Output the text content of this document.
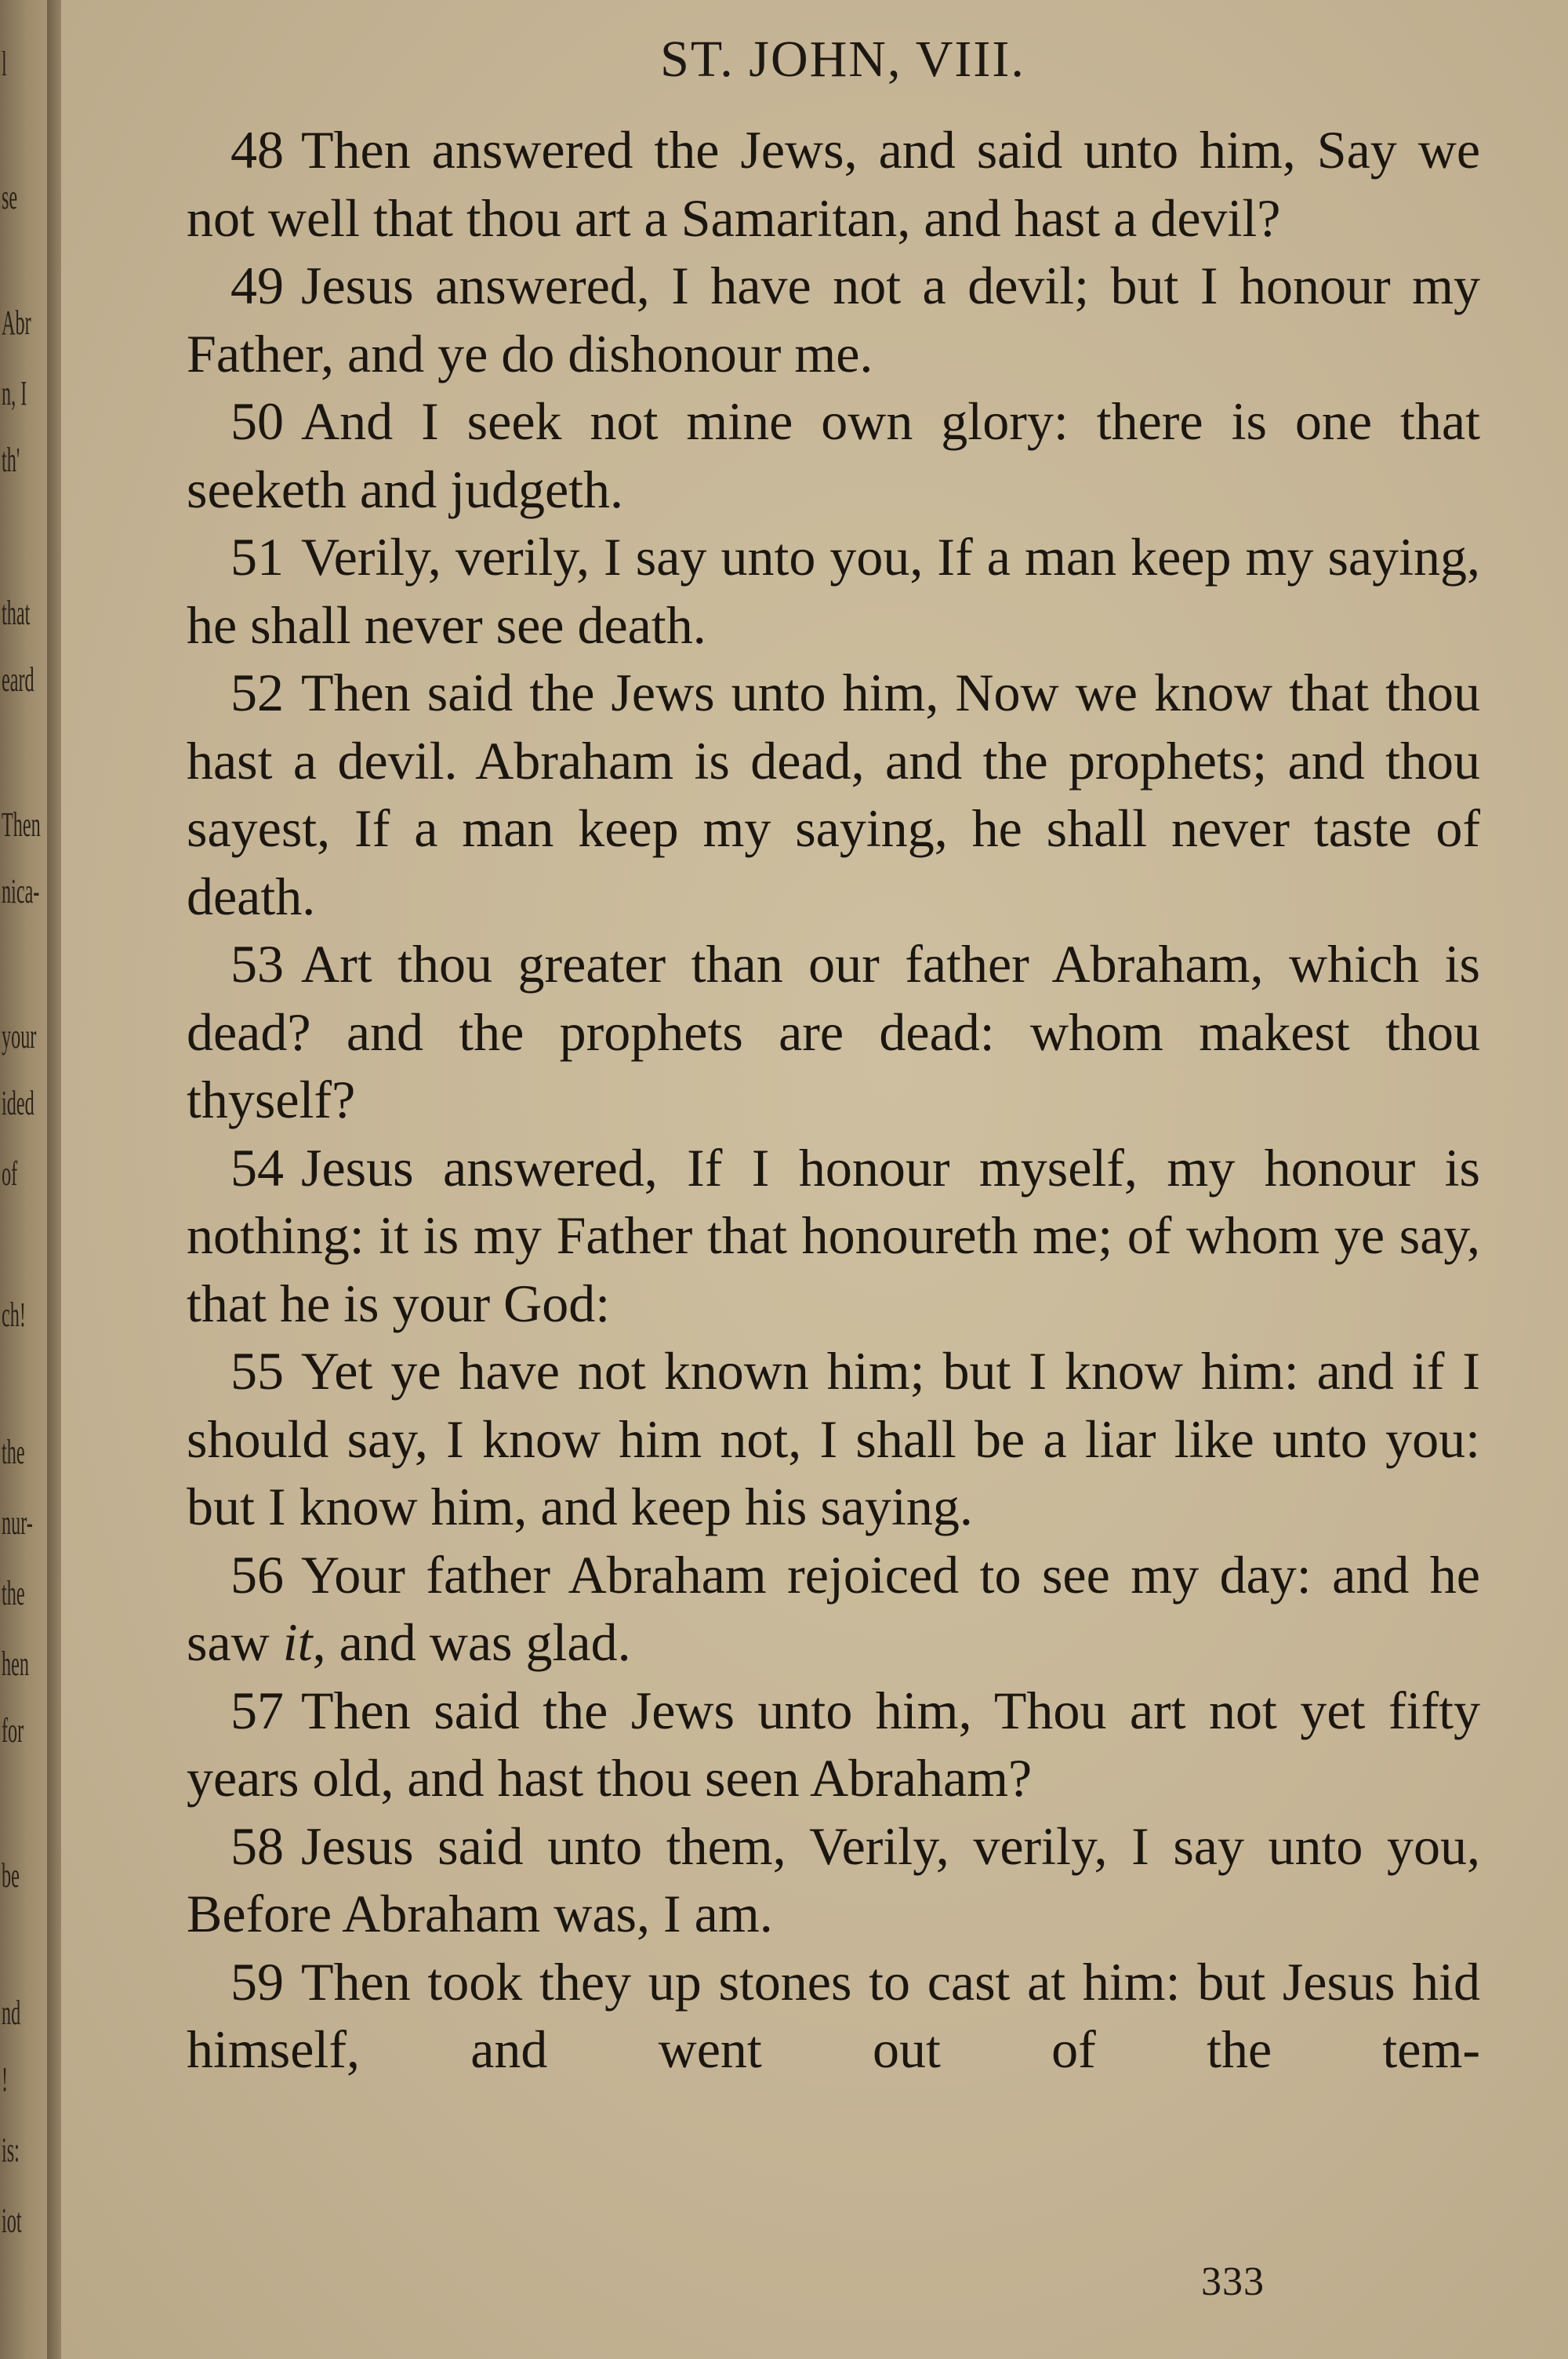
l
se
Abr
n, I
th'
that
eard
Then
nica-
your
ided
of
ch!
the
nur-
the
hen
for
be
nd
!
is:
iot
ST. JOHN, VIII.

48 Then answered the Jews, and said unto him, Say we not well that thou art a Samaritan, and hast a devil?

49 Jesus answered, I have not a devil; but I honour my Father, and ye do dishonour me.

50 And I seek not mine own glory: there is one that seeketh and judgeth.

51 Verily, verily, I say unto you, If a man keep my saying, he shall never see death.

52 Then said the Jews unto him, Now we know that thou hast a devil. Abraham is dead, and the prophets; and thou sayest, If a man keep my saying, he shall never taste of death.

53 Art thou greater than our father Abraham, which is dead? and the prophets are dead: whom makest thou thyself?

54 Jesus answered, If I honour myself, my honour is nothing: it is my Father that honoureth me; of whom ye say, that he is your God:

55 Yet ye have not known him; but I know him: and if I should say, I know him not, I shall be a liar like unto you: but I know him, and keep his saying.

56 Your father Abraham rejoiced to see my day: and he saw it, and was glad.

57 Then said the Jews unto him, Thou art not yet fifty years old, and hast thou seen Abraham?

58 Jesus said unto them, Verily, verily, I say unto you, Before Abraham was, I am.

59 Then took they up stones to cast at him: but Jesus hid himself, and went out of the tem-

333
